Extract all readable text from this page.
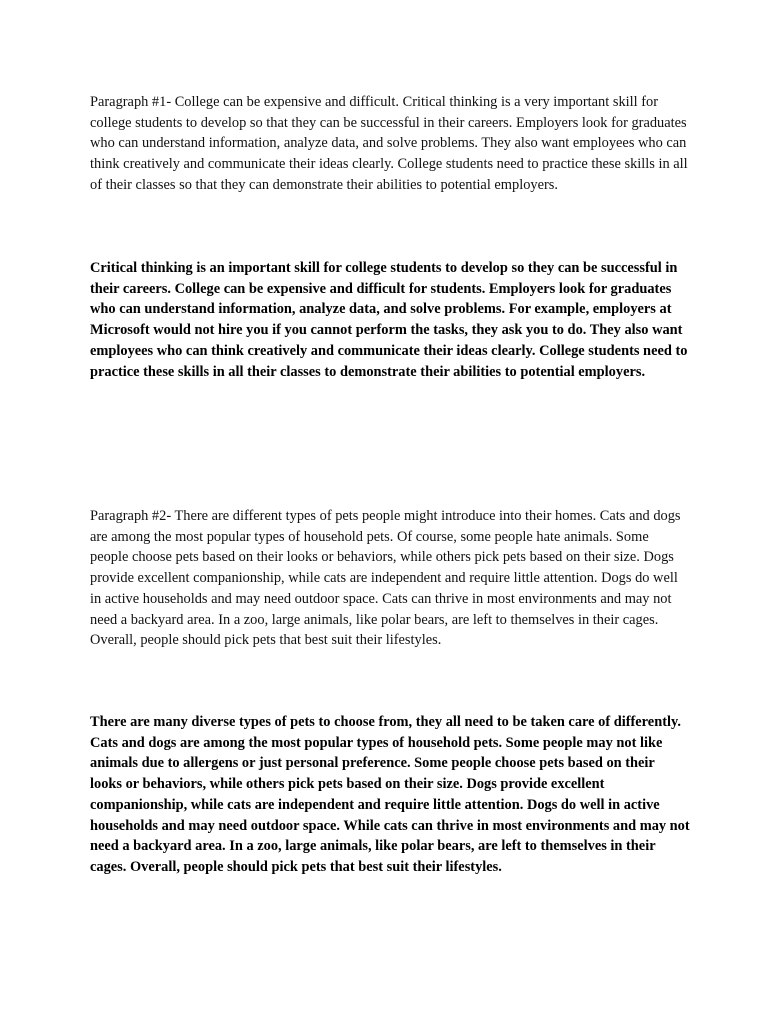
Paragraph #1- College can be expensive and difficult. Critical thinking is a very important skill for college students to develop so that they can be successful in their careers. Employers look for graduates who can understand information, analyze data, and solve problems. They also want employees who can think creatively and communicate their ideas clearly. College students need to practice these skills in all of their classes so that they can demonstrate their abilities to potential employers.

Critical thinking is an important skill for college students to develop so they can be successful in their careers. College can be expensive and difficult for students. Employers look for graduates who can understand information, analyze data, and solve problems. For example, employers at Microsoft would not hire you if you cannot perform the tasks, they ask you to do. They also want employees who can think creatively and communicate their ideas clearly. College students need to practice these skills in all their classes to demonstrate their abilities to potential employers.

Paragraph #2- There are different types of pets people might introduce into their homes. Cats and dogs are among the most popular types of household pets. Of course, some people hate animals. Some people choose pets based on their looks or behaviors, while others pick pets based on their size. Dogs provide excellent companionship, while cats are independent and require little attention. Dogs do well in active households and may need outdoor space. Cats can thrive in most environments and may not need a backyard area. In a zoo, large animals, like polar bears, are left to themselves in their cages. Overall, people should pick pets that best suit their lifestyles.

There are many diverse types of pets to choose from, they all need to be taken care of differently. Cats and dogs are among the most popular types of household pets. Some people may not like animals due to allergens or just personal preference. Some people choose pets based on their looks or behaviors, while others pick pets based on their size. Dogs provide excellent companionship, while cats are independent and require little attention. Dogs do well in active households and may need outdoor space. While cats can thrive in most environments and may not need a backyard area. In a zoo, large animals, like polar bears, are left to themselves in their cages. Overall, people should pick pets that best suit their lifestyles.
